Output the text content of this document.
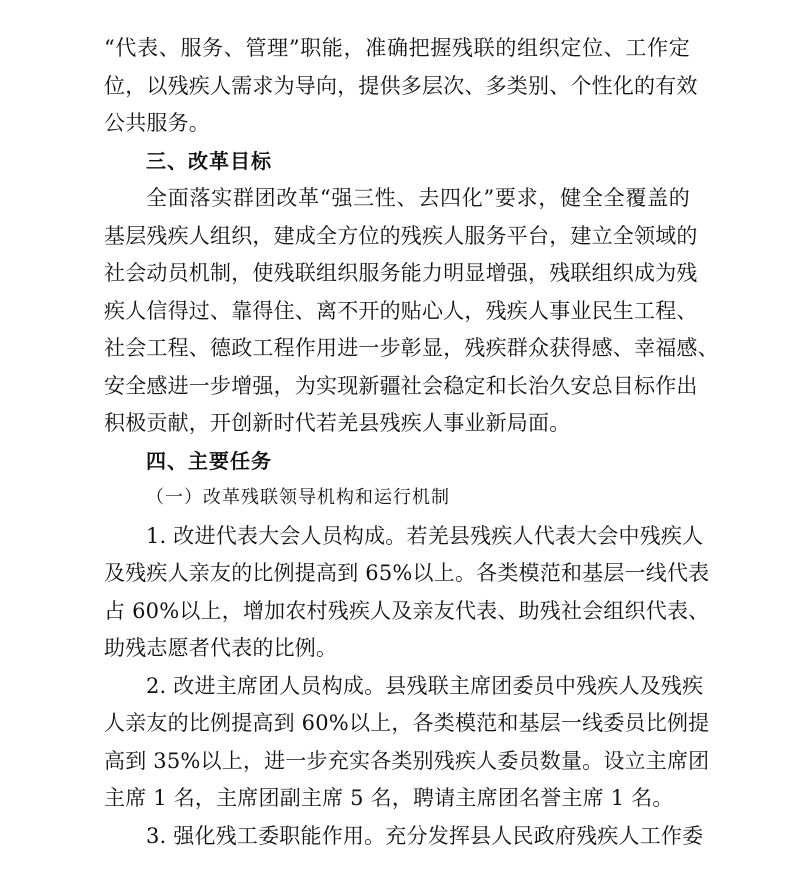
“代表、服务、管理”职能，准确把握残联的组织定位、工作定
位，以残疾人需求为导向，提供多层次、多类别、个性化的有效
公共服务。
三、改革目标
全面落实群团改革“强三性、去四化”要求，健全全覆盖的
基层残疾人组织，建成全方位的残疾人服务平台，建立全领域的
社会动员机制，使残联组织服务能力明显增强，残联组织成为残
疾人信得过、靠得住、离不开的贴心人，残疾人事业民生工程、
社会工程、德政工程作用进一步彰显，残疾群众获得感、幸福感、
安全感进一步增强，为实现新疆社会稳定和长治久安总目标作出
积极贡献，开创新时代若羌县残疾人事业新局面。
四、主要任务
（一）改革残联领导机构和运行机制
1. 改进代表大会人员构成。若羌县残疾人代表大会中残疾人
及残疾人亲友的比例提高到 65%以上。各类模范和基层一线代表
占 60%以上，增加农村残疾人及亲友代表、助残社会组织代表、
助残志愿者代表的比例。
2. 改进主席团人员构成。县残联主席团委员中残疾人及残疾
人亲友的比例提高到 60%以上，各类模范和基层一线委员比例提
高到 35%以上，进一步充实各类别残疾人委员数量。设立主席团
主席 1 名，主席团副主席 5 名，聘请主席团名誉主席 1 名。
3. 强化残工委职能作用。充分发挥县人民政府残疾人工作委
